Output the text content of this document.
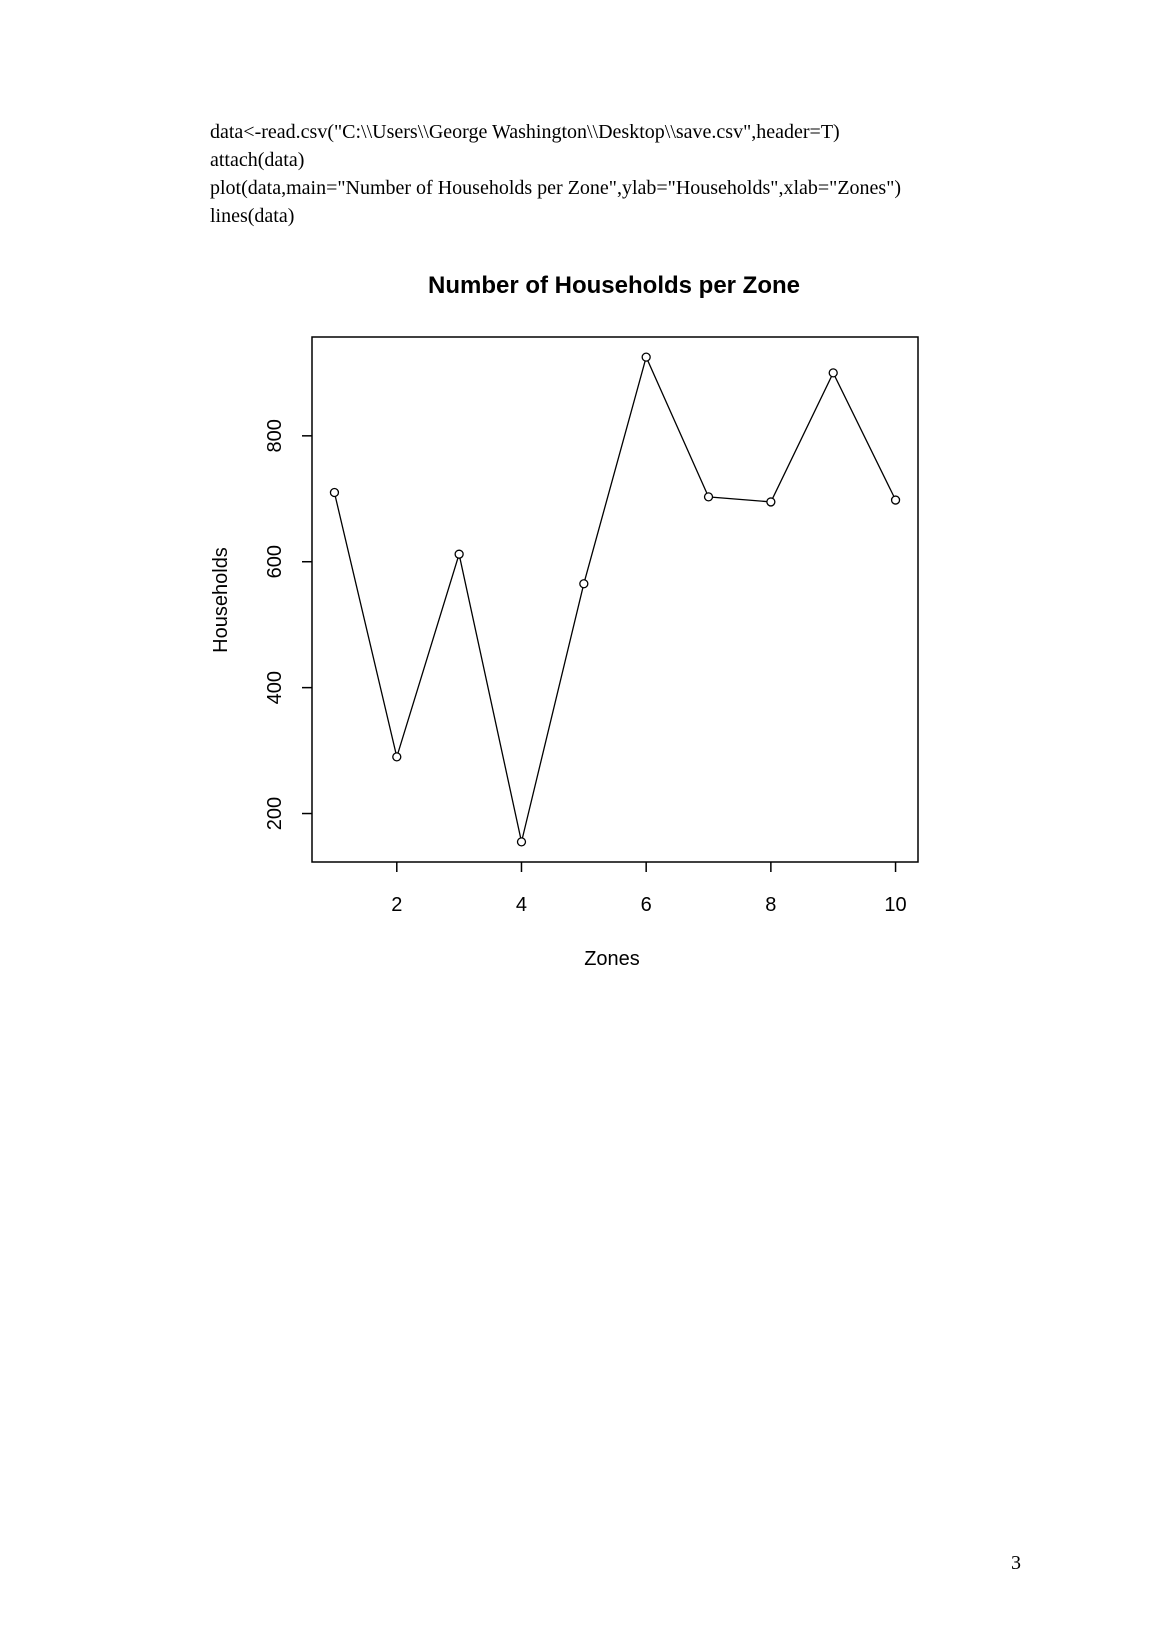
data<-read.csv("C:\\Users\\George Washington\\Desktop\\save.csv",header=T)
attach(data)
plot(data,main="Number of Households per Zone",ylab="Households",xlab="Zones")
lines(data)
Number of Households per Zone
2	4	6	8	10
200
400
600
800
Zones
Households
3
